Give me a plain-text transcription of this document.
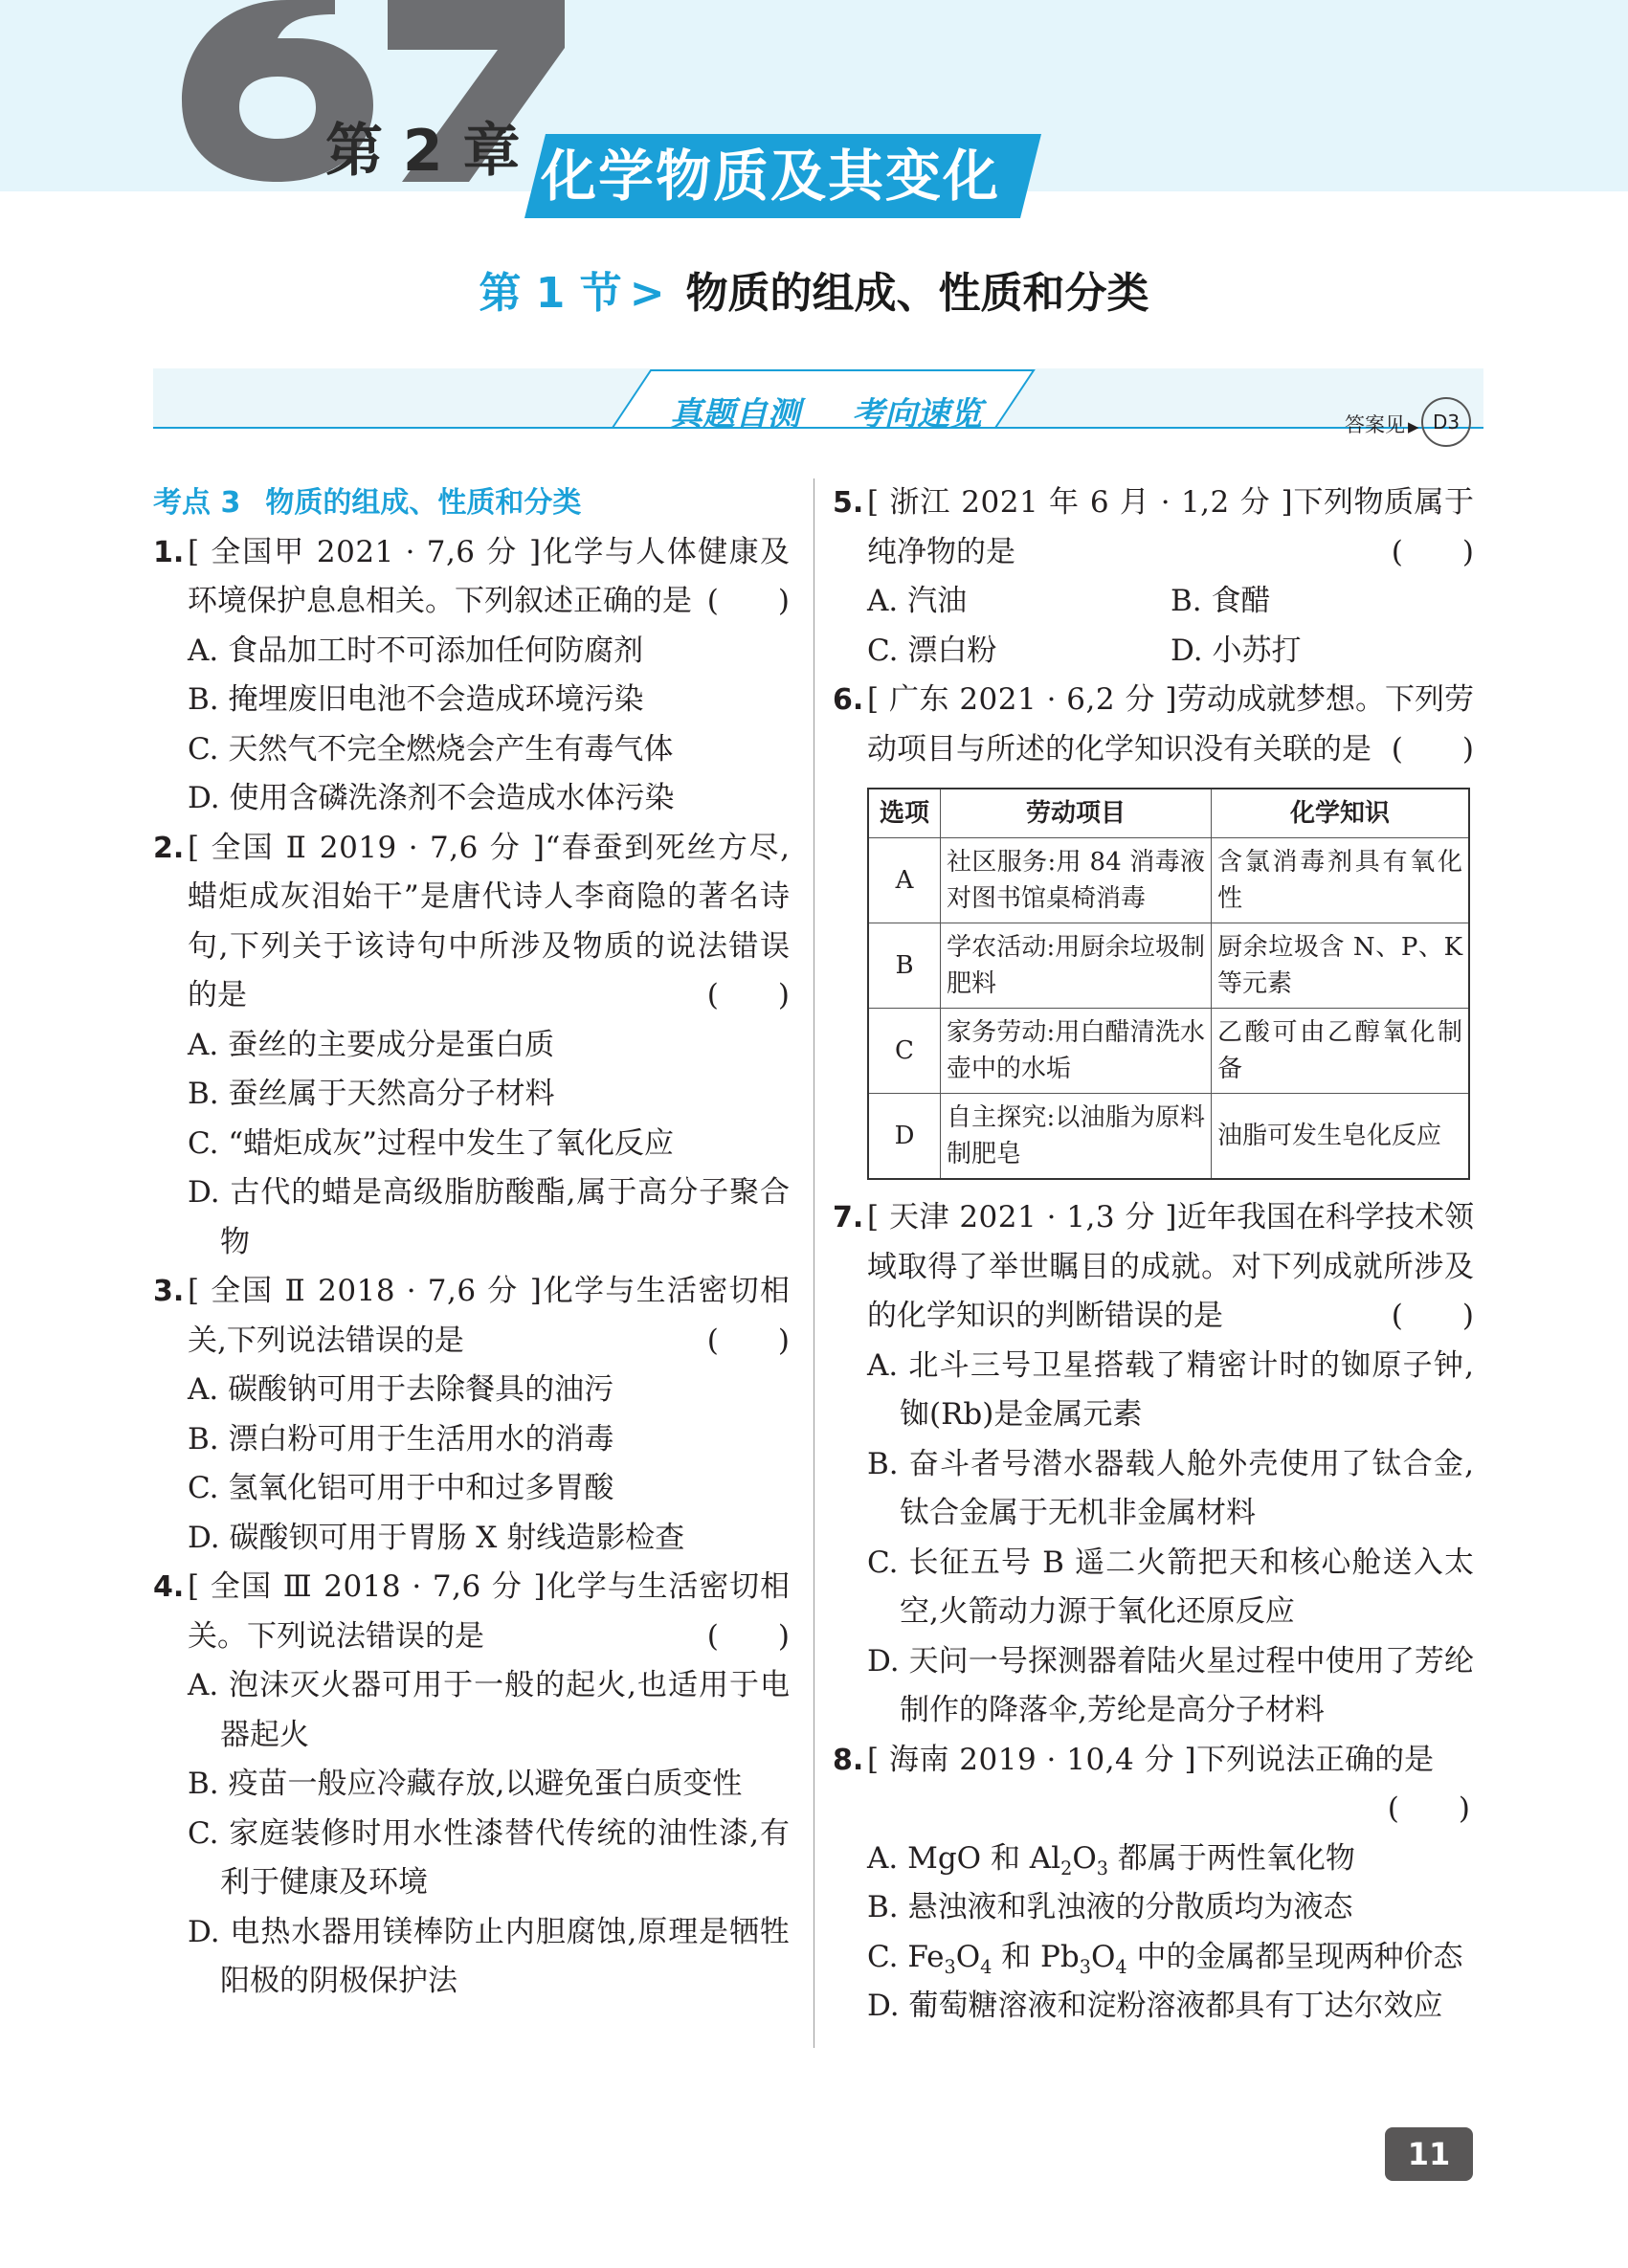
第 2 章 化学物质及其变化
第 1 节 > 物质的组成、性质和分类
真题自测 考向速览	答案见 ▶ D3
考点 3 物质的组成、性质和分类
1. [ 全国甲 2021 · 7,6 分 ]化学与人体健康及环境保护息息相关。下列叙述正确的是 (　　)
A. 食品加工时不可添加任何防腐剂
B. 掩埋废旧电池不会造成环境污染
C. 天然气不完全燃烧会产生有毒气体
D. 使用含磷洗涤剂不会造成水体污染
2. [ 全国 Ⅱ 2019 · 7,6 分 ]“春蚕到死丝方尽,蜡炬成灰泪始干”是唐代诗人李商隐的著名诗句,下列关于该诗句中所涉及物质的说法错误的是	(　　)
A. 蚕丝的主要成分是蛋白质
B. 蚕丝属于天然高分子材料
C. “蜡炬成灰”过程中发生了氧化反应
D. 古代的蜡是高级脂肪酸酯,属于高分子聚合物
3. [ 全国 Ⅱ 2018 · 7,6 分 ]化学与生活密切相关,下列说法错误的是	(　　)
A. 碳酸钠可用于去除餐具的油污
B. 漂白粉可用于生活用水的消毒
C. 氢氧化铝可用于中和过多胃酸
D. 碳酸钡可用于胃肠 X 射线造影检查
4. [ 全国 Ⅲ 2018 · 7,6 分 ]化学与生活密切相关。下列说法错误的是	(　　)
A. 泡沫灭火器可用于一般的起火,也适用于电器起火
B. 疫苗一般应冷藏存放,以避免蛋白质变性
C. 家庭装修时用水性漆替代传统的油性漆,有利于健康及环境
D. 电热水器用镁棒防止内胆腐蚀,原理是牺牲阳极的阴极保护法
5. [ 浙江 2021 年 6 月 · 1,2 分 ]下列物质属于纯净物的是	(　　)
A. 汽油	B. 食醋
C. 漂白粉	D. 小苏打
6. [ 广东 2021 · 6,2 分 ]劳动成就梦想。下列劳动项目与所述的化学知识没有关联的是 (　　)
选项	劳动项目	化学知识
A	社区服务:用 84 消毒液对图书馆桌椅消毒	含氯消毒剂具有氧化性
B	学农活动:用厨余垃圾制肥料	厨余垃圾含 N、P、K 等元素
C	家务劳动:用白醋清洗水壶中的水垢	乙酸可由乙醇氧化制备
D	自主探究:以油脂为原料制肥皂	油脂可发生皂化反应
7. [ 天津 2021 · 1,3 分 ]近年我国在科学技术领域取得了举世瞩目的成就。对下列成就所涉及的化学知识的判断错误的是	(　　)
A. 北斗三号卫星搭载了精密计时的铷原子钟,铷(Rb)是金属元素
B. 奋斗者号潜水器载人舱外壳使用了钛合金,钛合金属于无机非金属材料
C. 长征五号 B 遥二火箭把天和核心舱送入太空,火箭动力源于氧化还原反应
D. 天问一号探测器着陆火星过程中使用了芳纶制作的降落伞,芳纶是高分子材料
8. [ 海南 2019 · 10,4 分 ]下列说法正确的是
(　　)
A. MgO 和 $Al_2O_3$ 都属于两性氧化物
B. 悬浊液和乳浊液的分散质均为液态
C. $Fe_3O_4$ 和 $Pb_3O_4$ 中的金属都呈现两种价态
D. 葡萄糖溶液和淀粉溶液都具有丁达尔效应
11
